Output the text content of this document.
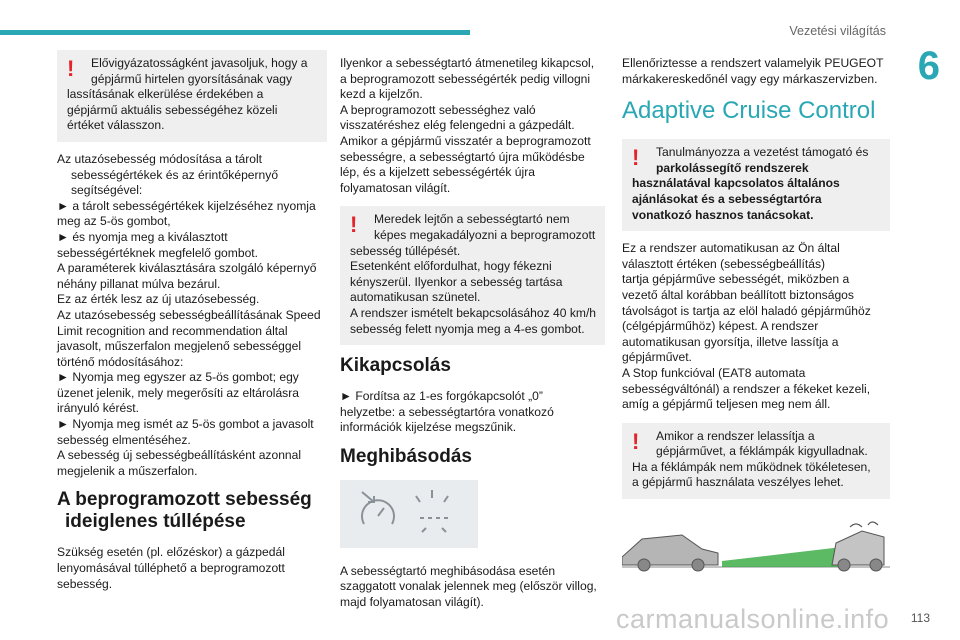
Vezetési világítás
6
!	Elővigyázatosságként javasoljuk, hogy a
gépjármű hirtelen gyorsításának vagy
lassításának elkerülése érdekében a
gépjármű aktuális sebességéhez közeli
értéket válasszon.
Az utazósebesség módosítása a tárolt
sebességértékek és az érintőképernyő
segítségével:
► a tárolt sebességértékek kijelzéséhez nyomja
meg az 5-ös gombot,
► és nyomja meg a kiválasztott
sebességértéknek megfelelő gombot.
A paraméterek kiválasztására szolgáló képernyő
néhány pillanat múlva bezárul.
Ez az érték lesz az új utazósebesség.
Az utazósebesség sebességbeállításának Speed
Limit recognition and recommendation által
javasolt, műszerfalon megjelenő sebességgel
történő módosításához:
► Nyomja meg egyszer az 5-ös gombot; egy
üzenet jelenik, mely megerősíti az eltárolásra
irányuló kérést.
► Nyomja meg ismét az 5-ös gombot a javasolt
sebesség elmentéséhez.
A sebesség új sebességbeállításként azonnal
megjelenik a műszerfalon.
A beprogramozott sebesség
ideiglenes túllépése
Szükség esetén (pl. előzéskor) a gázpedál
lenyomásával túlléphető a beprogramozott
sebesség.
Ilyenkor a sebességtartó átmenetileg kikapcsol,
a beprogramozott sebességérték pedig villogni
kezd a kijelzőn.
A beprogramozott sebességhez való
visszatéréshez elég felengedni a gázpedált.
Amikor a gépjármű visszatér a beprogramozott
sebességre, a sebességtartó újra működésbe
lép, és a kijelzett sebességérték újra
folyamatosan világít.
!	Meredek lejtőn a sebességtartó nem
képes megakadályozni a beprogramozott
sebesség túllépését.
Esetenként előfordulhat, hogy fékezni
kényszerül. Ilyenkor a sebesség tartása
automatikusan szünetel.
A rendszer ismételt bekapcsolásához 40 km/h
sebesség felett nyomja meg a 4-es gombot.
Kikapcsolás
► Fordítsa az 1-es forgókapcsolót „0”
helyzetbe: a sebességtartóra vonatkozó
információk kijelzése megszűnik.
Meghibásodás
A sebességtartó meghibásodása esetén
szaggatott vonalak jelennek meg (először villog,
majd folyamatosan világít).
Ellenőriztesse a rendszert valamelyik PEUGEOT
márkakereskedőnél vagy egy márkaszervizben.
Adaptive Cruise Control
!	Tanulmányozza a vezetést támogató és
parkolássegítő rendszerek
használatával kapcsolatos általános
ajánlásokat és a sebességtartóra
vonatkozó hasznos tanácsokat.
Ez a rendszer automatikusan az Ön által
választott értéken (sebességbeállítás)
tartja gépjárműve sebességét, miközben a
vezető által korábban beállított biztonságos
távolságot is tartja az elöl haladó gépjárműhöz
(célgépjárműhöz) képest. A rendszer
automatikusan gyorsítja, illetve lassítja a
gépjárművet.
A Stop funkcióval (EAT8 automata
sebességváltónál) a rendszer a fékeket kezeli,
amíg a gépjármű teljesen meg nem áll.
!	Amikor a rendszer lelassítja a
gépjárművet, a féklámpák kigyulladnak.
Ha a féklámpák nem működnek tökéletesen,
a gépjármű használata veszélyes lehet.
carmanualsonline.info 113
